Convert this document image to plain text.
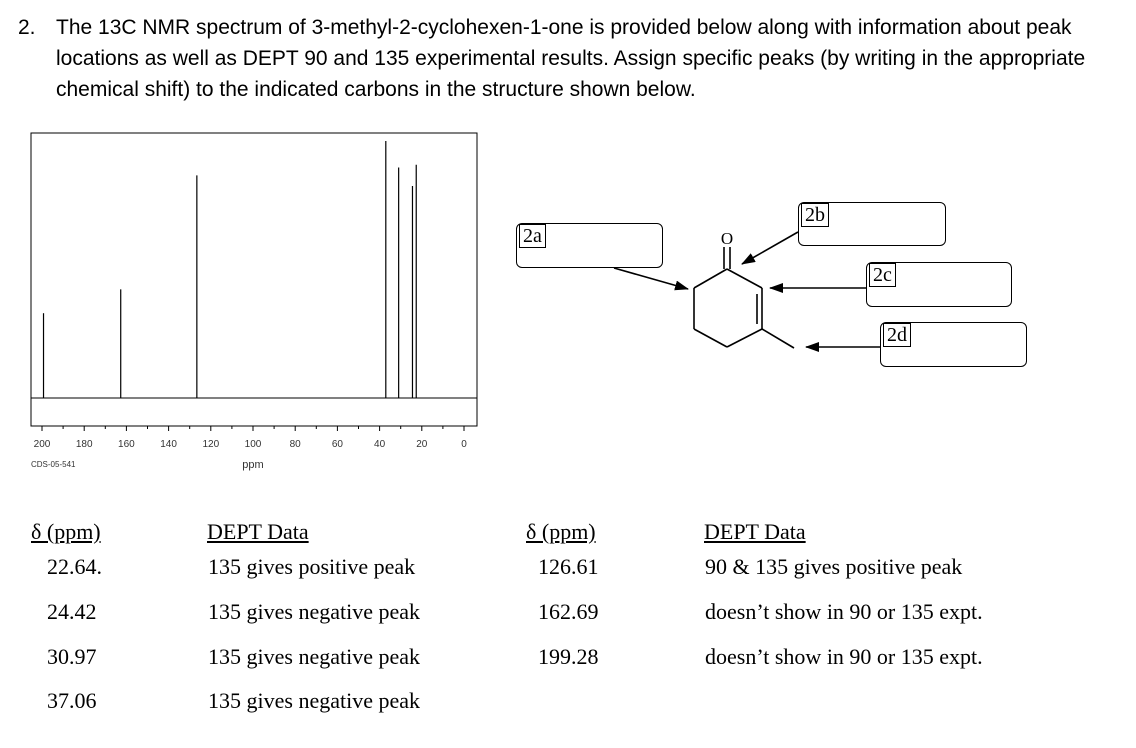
2. The 13C NMR spectrum of 3-methyl-2-cyclohexen-1-one is provided below along with information about peak locations as well as DEPT 90 and 135 experimental results. Assign specific peaks (by writing in the appropriate chemical shift) to the indicated carbons in the structure shown below.
200	180	160	140	120	100	80	60	40	20	0
ppm
CDS-05-541
O
2a
2b
2c
2d
δ (ppm)	DEPT Data
22.64.	135 gives positive peak
24.42	135 gives negative peak
30.97	135 gives negative peak
37.06	135 gives negative peak
δ (ppm)	DEPT Data
126.61	90 & 135 gives positive peak
162.69	doesn’t show in 90 or 135 expt.
199.28	doesn’t show in 90 or 135 expt.
